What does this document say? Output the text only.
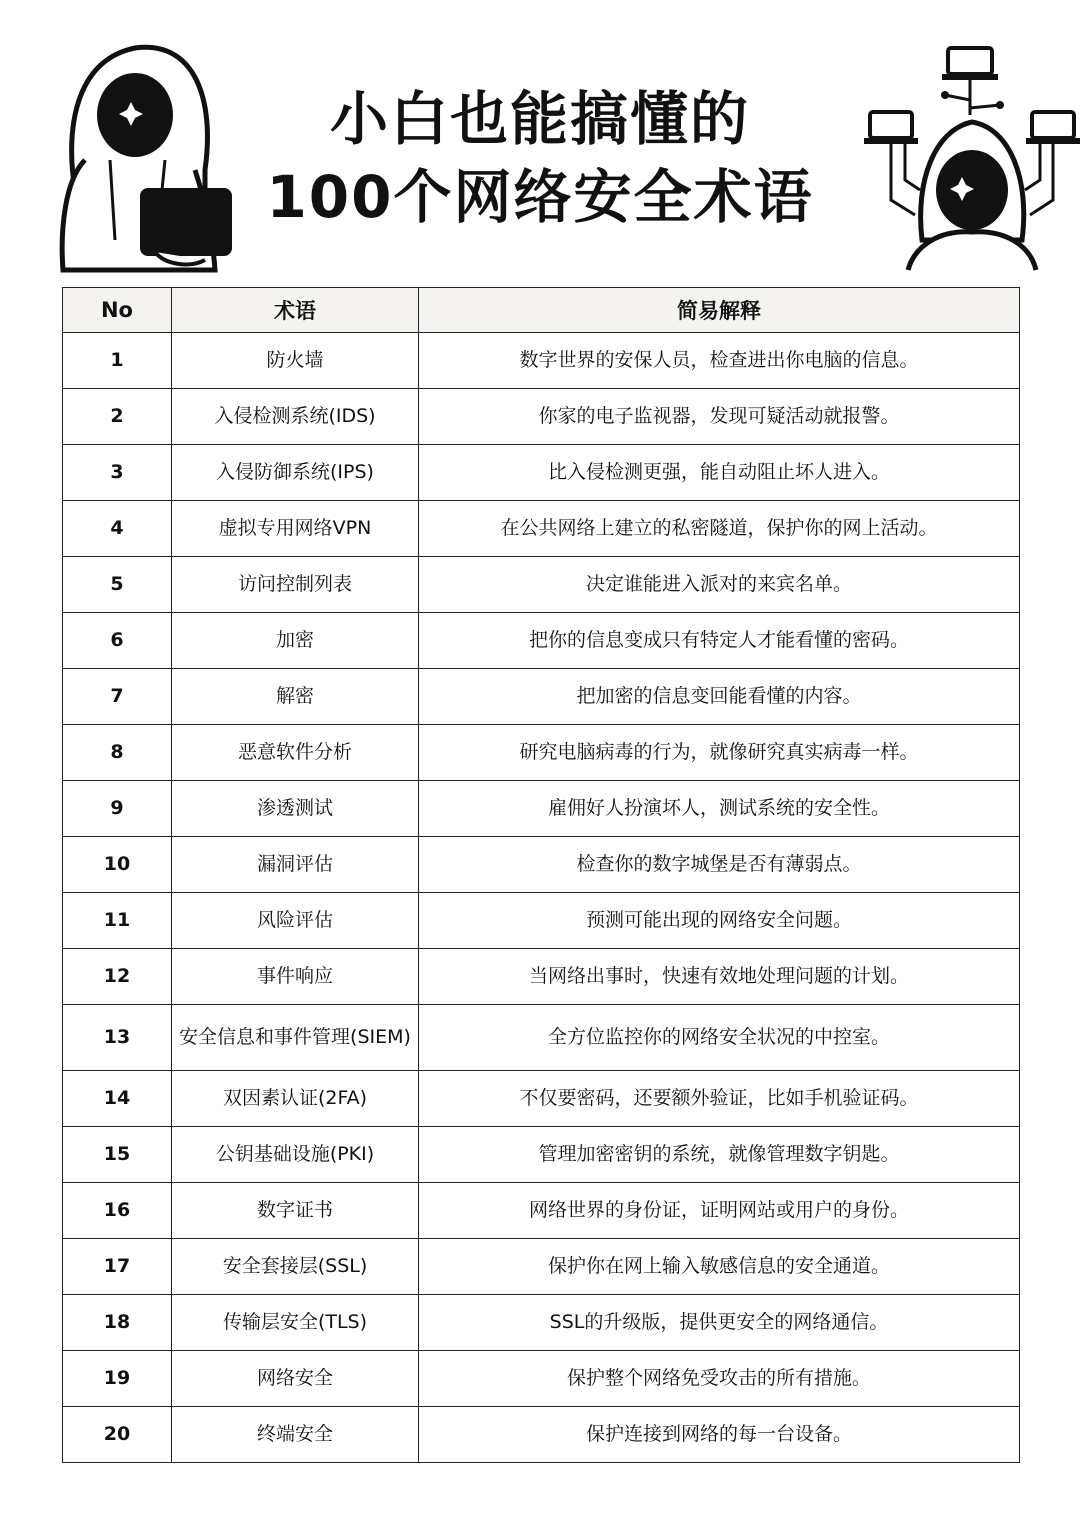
小白也能搞懂的
100个网络安全术语
No	术语	简易解释
1	防火墙	数字世界的安保人员，检查进出你电脑的信息。
2	入侵检测系统(IDS)	你家的电子监视器，发现可疑活动就报警。
3	入侵防御系统(IPS)	比入侵检测更强，能自动阻止坏人进入。
4	虚拟专用网络VPN	在公共网络上建立的私密隧道，保护你的网上活动。
5	访问控制列表	决定谁能进入派对的来宾名单。
6	加密	把你的信息变成只有特定人才能看懂的密码。
7	解密	把加密的信息变回能看懂的内容。
8	恶意软件分析	研究电脑病毒的行为，就像研究真实病毒一样。
9	渗透测试	雇佣好人扮演坏人，测试系统的安全性。
10	漏洞评估	检查你的数字城堡是否有薄弱点。
11	风险评估	预测可能出现的网络安全问题。
12	事件响应	当网络出事时，快速有效地处理问题的计划。
13	安全信息和事件管理(SIEM)	全方位监控你的网络安全状况的中控室。
14	双因素认证(2FA)	不仅要密码，还要额外验证，比如手机验证码。
15	公钥基础设施(PKI)	管理加密密钥的系统，就像管理数字钥匙。
16	数字证书	网络世界的身份证，证明网站或用户的身份。
17	安全套接层(SSL)	保护你在网上输入敏感信息的安全通道。
18	传输层安全(TLS)	SSL的升级版，提供更安全的网络通信。
19	网络安全	保护整个网络免受攻击的所有措施。
20	终端安全	保护连接到网络的每一台设备。
